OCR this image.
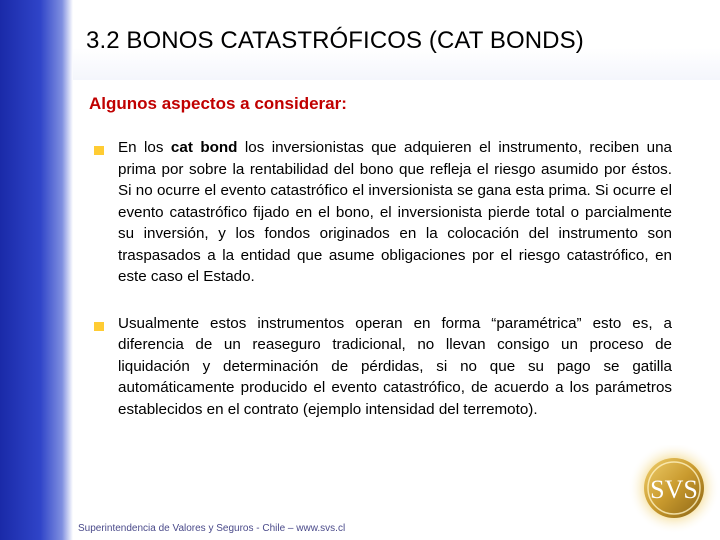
3.2 BONOS CATASTRÓFICOS (CAT BONDS)
Algunos aspectos a considerar:

En los cat bond los inversionistas que adquieren el instrumento, reciben una prima por sobre la rentabilidad del bono que refleja el riesgo asumido por éstos. Si no ocurre el evento catastrófico el inversionista se gana esta prima. Si ocurre el evento catastrófico fijado en el bono, el inversionista pierde total o parcialmente su inversión, y los fondos originados en la colocación del instrumento son traspasados a la entidad que asume obligaciones por el riesgo catastrófico, en este caso el Estado.

Usualmente estos instrumentos operan en forma “paramétrica” esto es, a diferencia de un reaseguro tradicional, no llevan consigo un proceso de liquidación y determinación de pérdidas, si no que su pago se gatilla automáticamente producido el evento catastrófico, de acuerdo a los parámetros establecidos en el contrato (ejemplo intensidad del terremoto).

Superintendencia de Valores y Seguros - Chile – www.svs.cl
SVS
